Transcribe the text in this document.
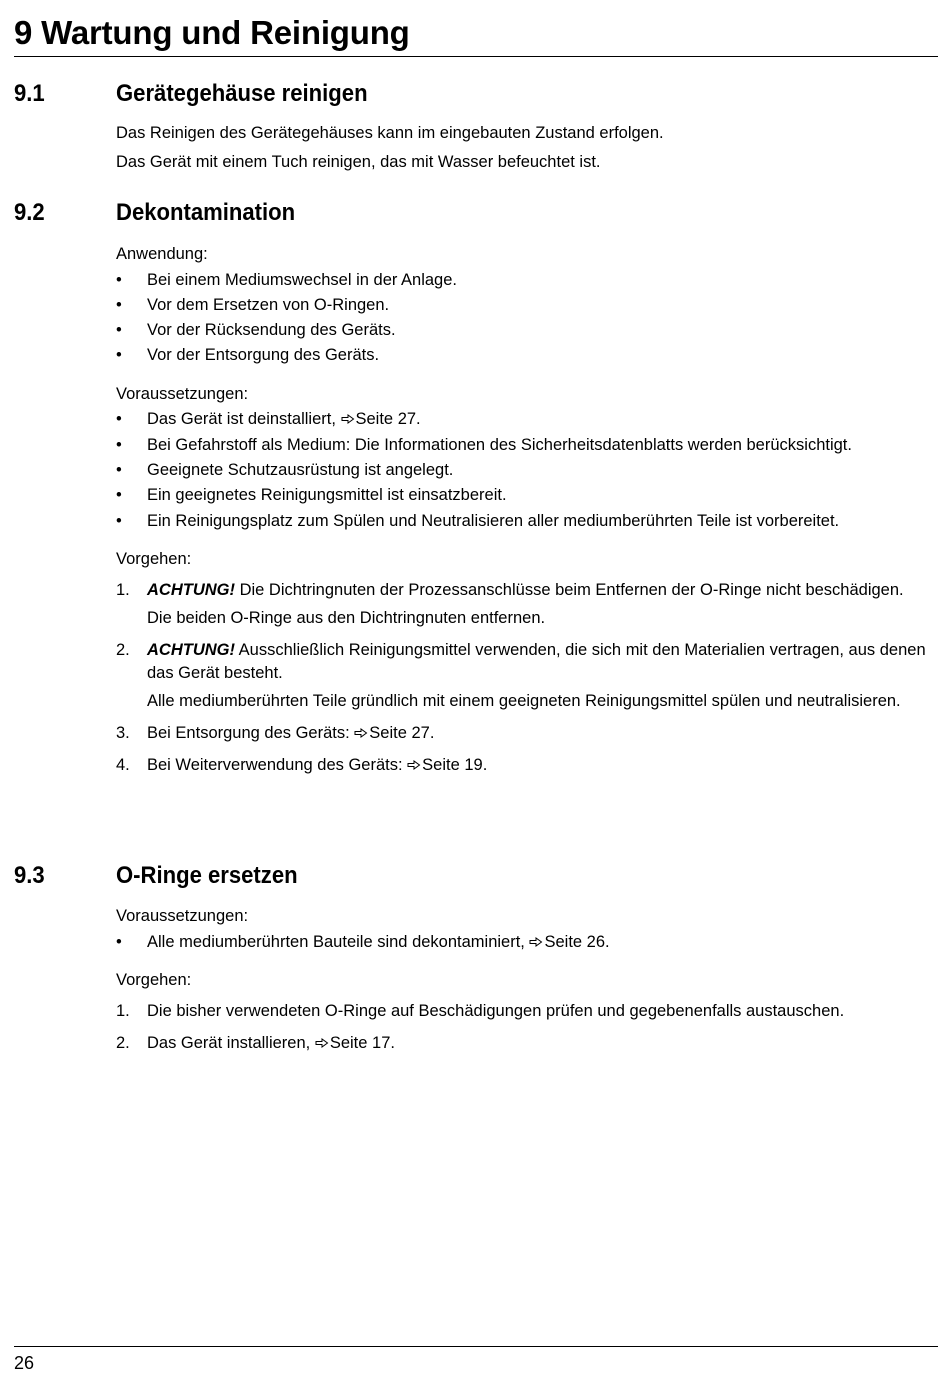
9 Wartung und Reinigung
9.1	Gerätegehäuse reinigen

Das Reinigen des Gerätegehäuses kann im eingebauten Zustand erfolgen.

Das Gerät mit einem Tuch reinigen, das mit Wasser befeuchtet ist.

9.2	Dekontamination

Anwendung:

• Bei einem Mediumswechsel in der Anlage.
• Vor dem Ersetzen von O-Ringen.
• Vor der Rücksendung des Geräts.
• Vor der Entsorgung des Geräts.

Voraussetzungen:

• Das Gerät ist deinstalliert, Seite 27.
• Bei Gefahrstoff als Medium: Die Informationen des Sicherheitsdatenblatts werden berücksichtigt.
• Geeignete Schutzausrüstung ist angelegt.
• Ein geeignetes Reinigungsmittel ist einsatzbereit.
• Ein Reinigungsplatz zum Spülen und Neutralisieren aller mediumberührten Teile ist vorbereitet.

Vorgehen:

1. ACHTUNG! Die Dichtringnuten der Prozessanschlüsse beim Entfernen der O-Ringe nicht beschädigen.
Die beiden O-Ringe aus den Dichtringnuten entfernen.
2. ACHTUNG! Ausschließlich Reinigungsmittel verwenden, die sich mit den Materialien vertragen, aus denen das Gerät besteht.
Alle mediumberührten Teile gründlich mit einem geeigneten Reinigungsmittel spülen und neutralisieren.
3. Bei Entsorgung des Geräts: Seite 27.
4. Bei Weiterverwendung des Geräts: Seite 19.
9.3	O-Ringe ersetzen

Voraussetzungen:

• Alle mediumberührten Bauteile sind dekontaminiert, Seite 26.

Vorgehen:

1. Die bisher verwendeten O-Ringe auf Beschädigungen prüfen und gegebenenfalls austauschen.
2. Das Gerät installieren, Seite 17.
26
